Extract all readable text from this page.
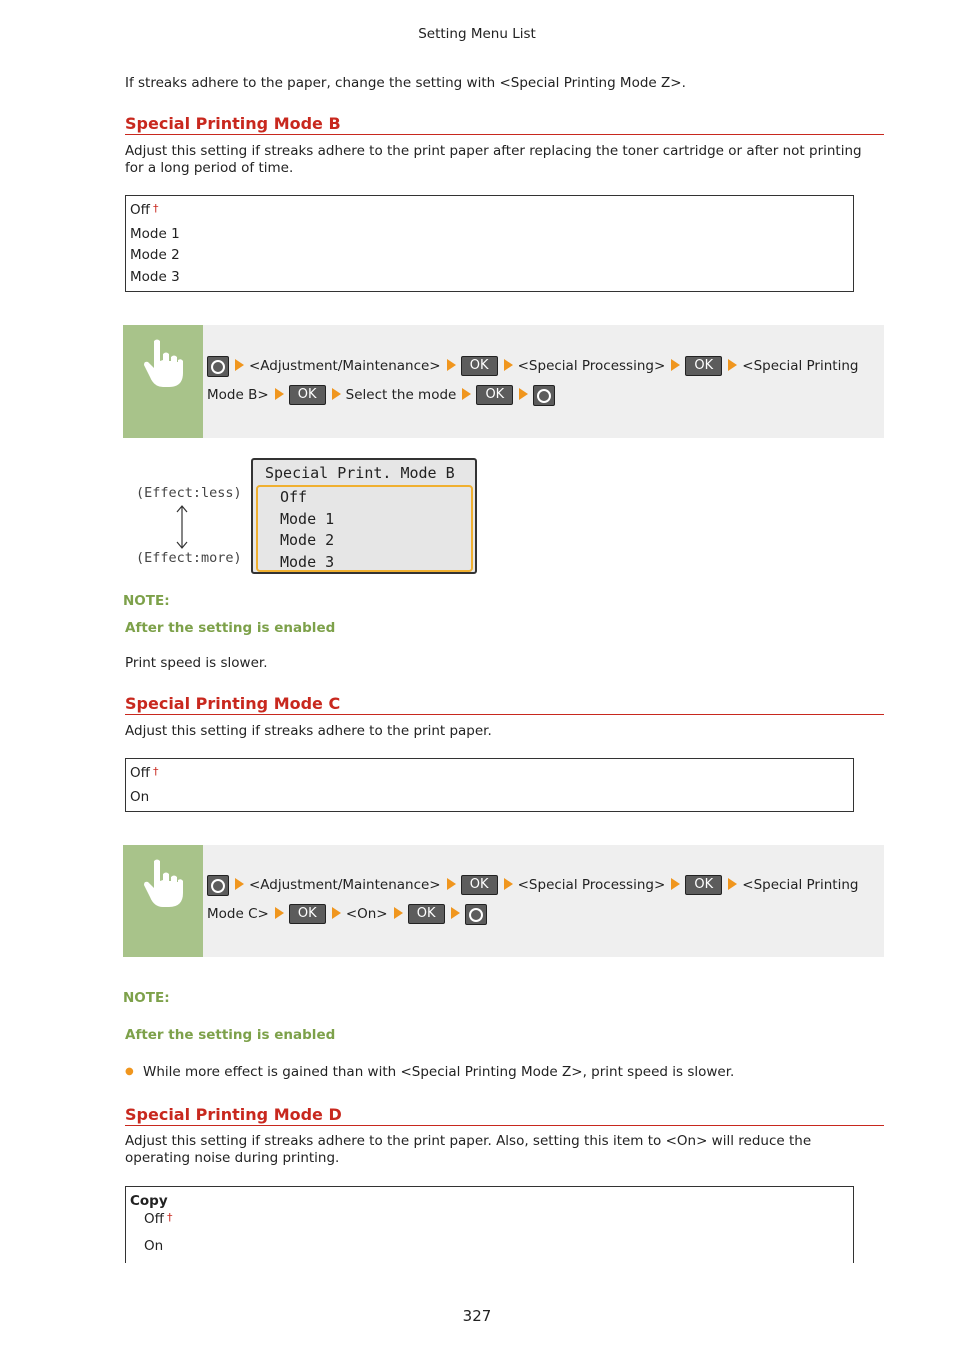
Setting Menu List
If streaks adhere to the paper, change the setting with <Special Printing Mode Z>.
Special Printing Mode B
Adjust this setting if streaks adhere to the print paper after replacing the toner cartridge or after not printing for a long period of time.
Off †
Mode 1
Mode 2
Mode 3
<Adjustment/Maintenance> OK <Special Processing> OK <Special Printing
Mode B> OK Select the mode OK
(Effect:less)
(Effect:more)
Special Print. Mode B
Off
Mode 1
Mode 2
Mode 3
NOTE:
After the setting is enabled
Print speed is slower.
Special Printing Mode C
Adjust this setting if streaks adhere to the print paper.
Off †
On
<Adjustment/Maintenance> OK <Special Processing> OK <Special Printing
Mode C> OK <On> OK
NOTE:
After the setting is enabled
● While more effect is gained than with <Special Printing Mode Z>, print speed is slower.
Special Printing Mode D
Adjust this setting if streaks adhere to the print paper. Also, setting this item to <On> will reduce the operating noise during printing.
Copy
Off †
On
327
